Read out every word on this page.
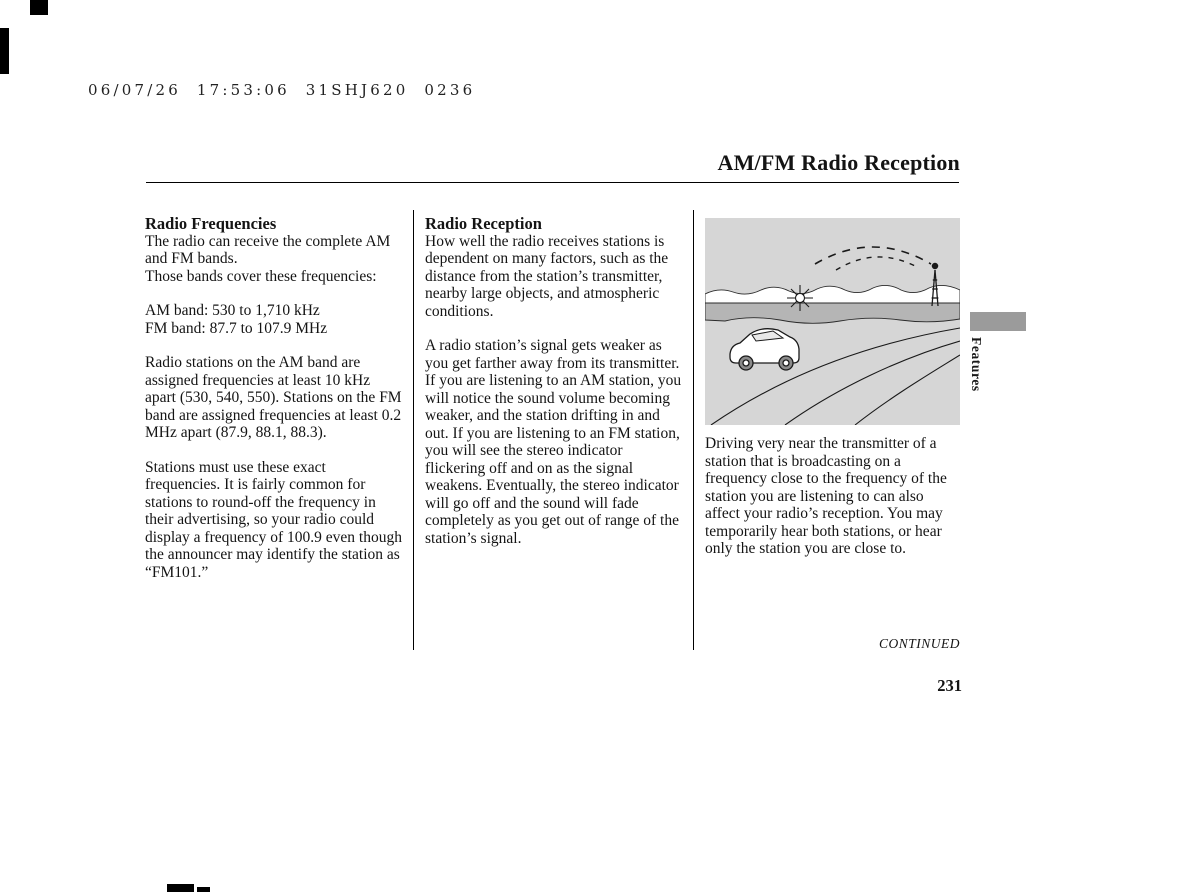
06/07/26  17:53:06  31SHJ620  0236
AM/FM Radio Reception
Radio Frequencies

The radio can receive the complete AM and FM bands.

Those bands cover these frequencies:

AM band: 530 to 1,710 kHz

FM band: 87.7 to 107.9 MHz

Radio stations on the AM band are assigned frequencies at least 10 kHz apart (530, 540, 550). Stations on the FM band are assigned frequencies at least 0.2 MHz apart (87.9, 88.1, 88.3).

Stations must use these exact frequencies. It is fairly common for stations to round-off the frequency in their advertising, so your radio could display a frequency of 100.9 even though the announcer may identify the station as “FM101.”

Radio Reception

How well the radio receives stations is dependent on many factors, such as the distance from the station’s transmitter, nearby large objects, and atmospheric conditions.

A radio station’s signal gets weaker as you get farther away from its transmitter. If you are listening to an AM station, you will notice the sound volume becoming weaker, and the station drifting in and out. If you are listening to an FM station, you will see the stereo indicator flickering off and on as the signal weakens. Eventually, the stereo indicator will go off and the sound will fade completely as you get out of range of the station’s signal.

Driving very near the transmitter of a station that is broadcasting on a frequency close to the frequency of the station you are listening to can also affect your radio’s reception. You may temporarily hear both stations, or hear only the station you are close to.

CONTINUED
231
Features
